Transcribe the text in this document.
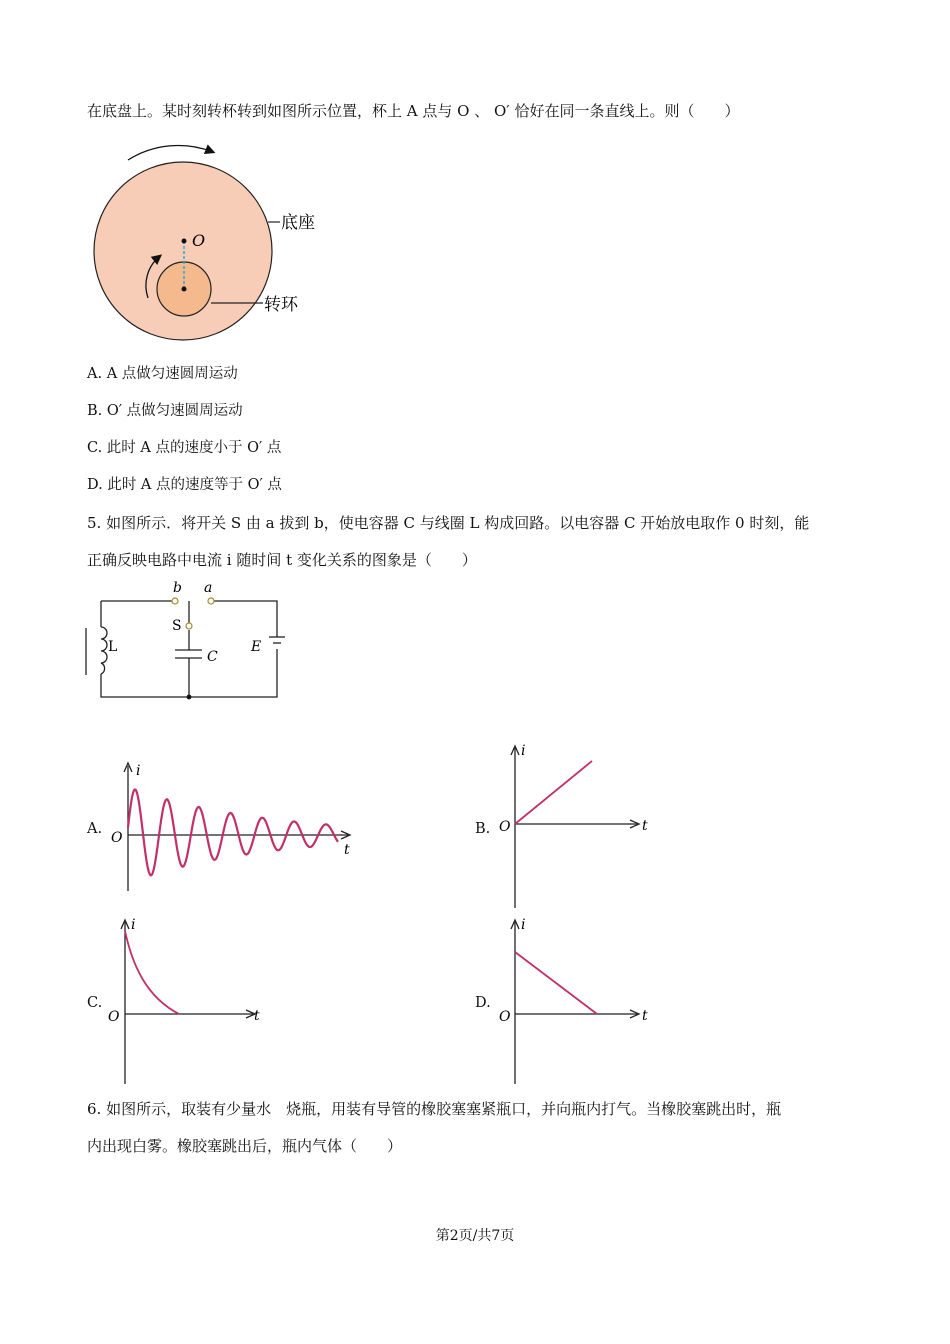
在底盘上。某时刻转杯转到如图所示位置，杯上 A 点与 O 、 O′ 恰好在同一条直线上。则（　　）
O
底座
转环
A. A 点做匀速圆周运动
B. O′ 点做匀速圆周运动
C. 此时 A 点的速度小于 O′ 点
D. 此时 A 点的速度等于 O′ 点
5. 如图所示．将开关 S 由 a 拔到 b，使电容器 C 与线圈 L 构成回路。以电容器 C 开始放电取作 0 时刻，能
正确反映电路中电流 i 随时间 t 变化关系的图象是（　　）
b a
S
L
C
E
A.
i
t
O
B.
i
t
O
C.
i
t
O
D.
i
t
O
6. 如图所示，取装有少量水　烧瓶，用装有导管的橡胶塞塞紧瓶口，并向瓶内打气。当橡胶塞跳出时，瓶
内出现白雾。橡胶塞跳出后，瓶内气体（　　）
第2页/共7页
